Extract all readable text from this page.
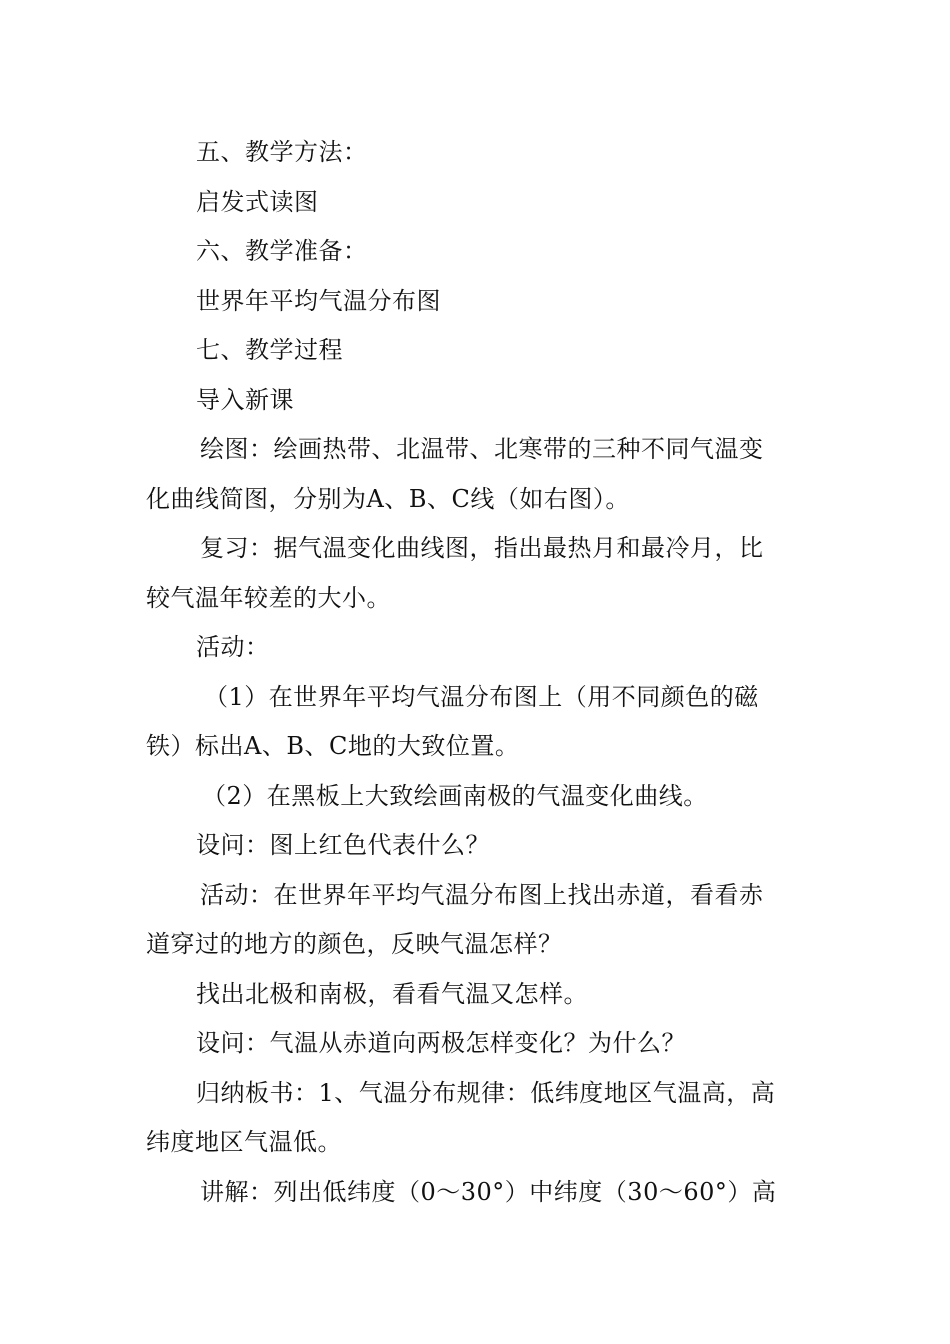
五、教学方法：

启发式读图

六、教学准备：

世界年平均气温分布图

七、教学过程

导入新课

绘图：绘画热带、北温带、北寒带的三种不同气温变
化曲线简图，分别为A、B、C线（如右图）。

复习：据气温变化曲线图，指出最热月和最冷月，比
较气温年较差的大小。

活动：

（1）在世界年平均气温分布图上（用不同颜色的磁
铁）标出A、B、C地的大致位置。

（2）在黑板上大致绘画南极的气温变化曲线。

设问：图上红色代表什么？

活动：在世界年平均气温分布图上找出赤道，看看赤
道穿过的地方的颜色，反映气温怎样？

找出北极和南极，看看气温又怎样。

设问：气温从赤道向两极怎样变化？为什么？

归纳板书：1、气温分布规律：低纬度地区气温高，高
纬度地区气温低。

讲解：列出低纬度（0～30°）中纬度（30～60°）高
